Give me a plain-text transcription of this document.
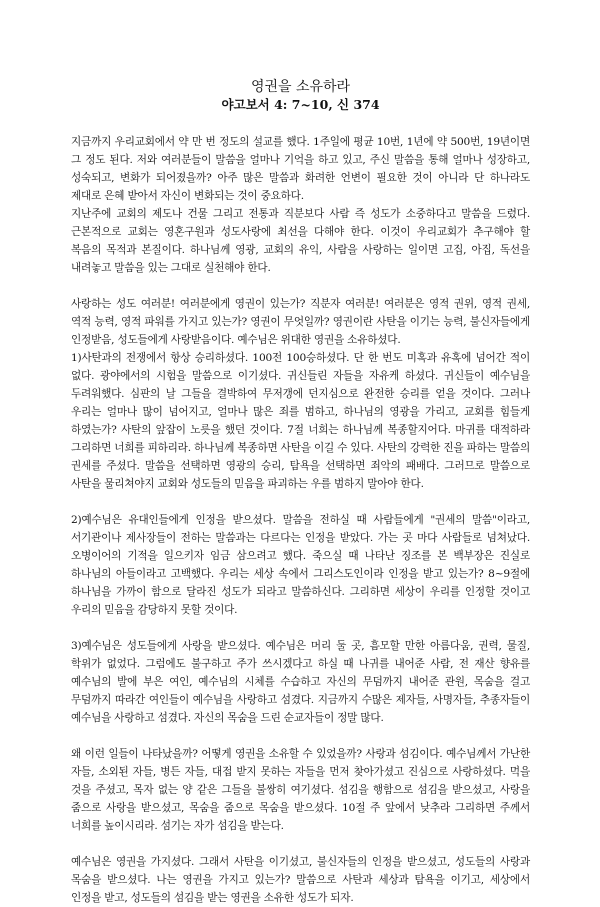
영권을 소유하라
야고보서 4: 7~10, 신 374

지금까지 우리교회에서 약 만 번 정도의 설교를 했다. 1주일에 평균 10번, 1년에 약 500번, 19년이면 그 정도 된다. 저와 여러분들이 말씀을 얼마나 기억을 하고 있고, 주신 말씀을 통해 얼마나 성장하고, 성숙되고, 변화가 되어졌을까? 아주 많은 말씀과 화려한 언변이 필요한 것이 아니라 단 하나라도 제대로 은혜 받아서 자신이 변화되는 것이 중요하다.

지난주에 교회의 제도나 건물 그리고 전통과 직분보다 사람 즉 성도가 소중하다고 말씀을 드렸다. 근본적으로 교회는 영혼구원과 성도사랑에 최선을 다해야 한다. 이것이 우리교회가 추구해야 할 복음의 목적과 본질이다. 하나님께 영광, 교회의 유익, 사람을 사랑하는 일이면 고집, 아집, 독선을 내려놓고 말씀을 있는 그대로 실천해야 한다.

사랑하는 성도 여러분! 여러분에게 영권이 있는가? 직분자 여러분! 여러분은 영적 권위, 영적 권세, 역적 능력, 영적 파워를 가지고 있는가? 영권이 무엇일까? 영권이란 사탄을 이기는 능력, 불신자들에게 인정받음, 성도들에게 사랑받음이다. 예수님은 위대한 영권을 소유하셨다.

1)사탄과의 전쟁에서 항상 승리하셨다. 100전 100승하셨다. 단 한 번도 미혹과 유혹에 넘어간 적이 없다. 광야에서의 시험을 말씀으로 이기셨다. 귀신들린 자들을 자유케 하셨다. 귀신들이 예수님을 두려워했다. 심판의 날 그들을 결박하여 무저갱에 던지심으로 완전한 승리를 얻을 것이다. 그러나 우리는 얼마나 많이 넘어지고, 얼마나 많은 죄를 범하고, 하나님의 영광을 가리고, 교회를 힘들게 하였는가? 사탄의 앞잡이 노릇을 했던 것이다. 7절 너희는 하나님께 복종할지어다. 마귀를 대적하라 그리하면 너희를 피하리라. 하나님께 복종하면 사탄을 이길 수 있다. 사탄의 강력한 진을 파하는 말씀의 권세를 주셨다. 말씀을 선택하면 영광의 승리, 탐욕을 선택하면 죄악의 패배다. 그러므로 말씀으로 사탄을 물리쳐야지 교회와 성도들의 믿음을 파괴하는 우를 범하지 말아야 한다.

2)예수님은 유대인들에게 인정을 받으셨다. 말씀을 전하실 때 사람들에게 "권세의 말씀"이라고, 서기관이나 제사장들이 전하는 말씀과는 다르다는 인정을 받았다. 가는 곳 마다 사람들로 넘쳐났다. 오병이어의 기적을 일으키자 임금 삼으려고 했다. 죽으실 때 나타난 징조를 본 백부장은 진실로 하나님의 아들이라고 고백했다. 우리는 세상 속에서 그리스도인이라 인정을 받고 있는가? 8~9절에 하나님을 가까이 함으로 달라진 성도가 되라고 말씀하신다. 그리하면 세상이 우리를 인정할 것이고 우리의 믿음을 감당하지 못할 것이다.

3)예수님은 성도들에게 사랑을 받으셨다. 예수님은 머리 둘 곳, 흠모할 만한 아름다움, 권력, 물질, 학위가 없었다. 그럼에도 불구하고 주가 쓰시겠다고 하실 때 나귀를 내어준 사람, 전 재산 향유를 예수님의 발에 부은 여인, 예수님의 시체를 수습하고 자신의 무덤까지 내어준 관원, 목숨을 걸고 무덤까지 따라간 여인들이 예수님을 사랑하고 섬겼다. 지금까지 수많은 제자들, 사명자들, 추종자들이 예수님을 사랑하고 섬겼다. 자신의 목숨을 드린 순교자들이 정말 많다.

왜 이런 일들이 나타났을까? 어떻게 영권을 소유할 수 있었을까? 사랑과 섬김이다. 예수님께서 가난한 자들, 소외된 자들, 병든 자들, 대접 받지 못하는 자들을 먼저 찾아가셨고 진심으로 사랑하셨다. 먹을 것을 주셨고, 목자 없는 양 같은 그들을 불쌍히 여기셨다. 섬김을 행함으로 섬김을 받으셨고, 사랑을 줌으로 사랑을 받으셨고, 목숨을 줌으로 목숨을 받으셨다. 10절 주 앞에서 낮추라 그리하면 주께서 너희를 높이시리라. 섬기는 자가 섬김을 받는다.

예수님은 영권을 가지셨다. 그래서 사탄을 이기셨고, 불신자들의 인정을 받으셨고, 성도들의 사랑과 목숨을 받으셨다. 나는 영권을 가지고 있는가? 말씀으로 사탄과 세상과 탐욕을 이기고, 세상에서 인정을 받고, 성도들의 섬김을 받는 영권을 소유한 성도가 되자.
